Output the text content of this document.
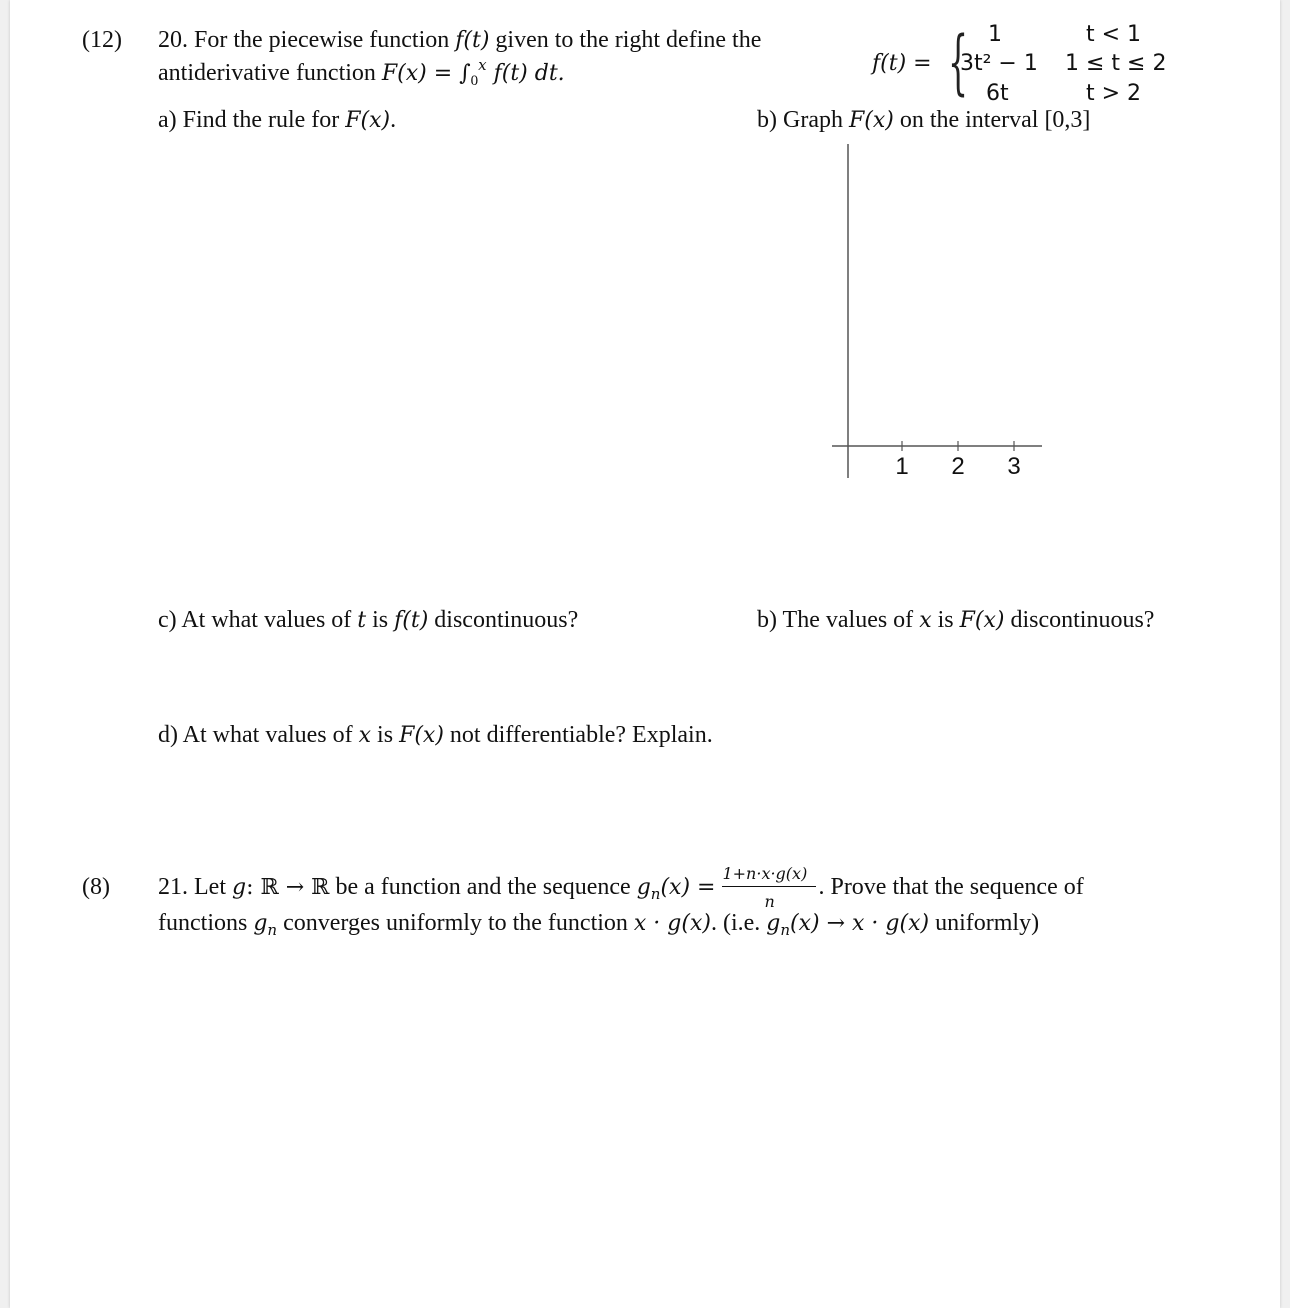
(12) 20. For the piecewise function f(t) given to the right define the
antiderivative function $F(x) = \int_0^x$ f(t) dt.	f(t) = { 1	t < 1
3t² − 1 1 ≤ t ≤ 2
6t	t > 2
a) Find the rule for F(x).	b) Graph F(x) on the interval [0,3]
1 2 3
c) At what values of t is f(t) discontinuous?	b) The values of x is F(x) discontinuous?
d) At what values of x is F(x) not differentiable? Explain.
(8) 21. Let g: ℝ → ℝ be a function and the sequence $g_n(x) = \frac{1+n\cdot x\cdot g(x)}{n}$ . Prove that the sequence of
functions $g_n$ converges uniformly to the function x · g(x). (i.e. $g_n(x) \to x \cdot g(x)$ uniformly)
